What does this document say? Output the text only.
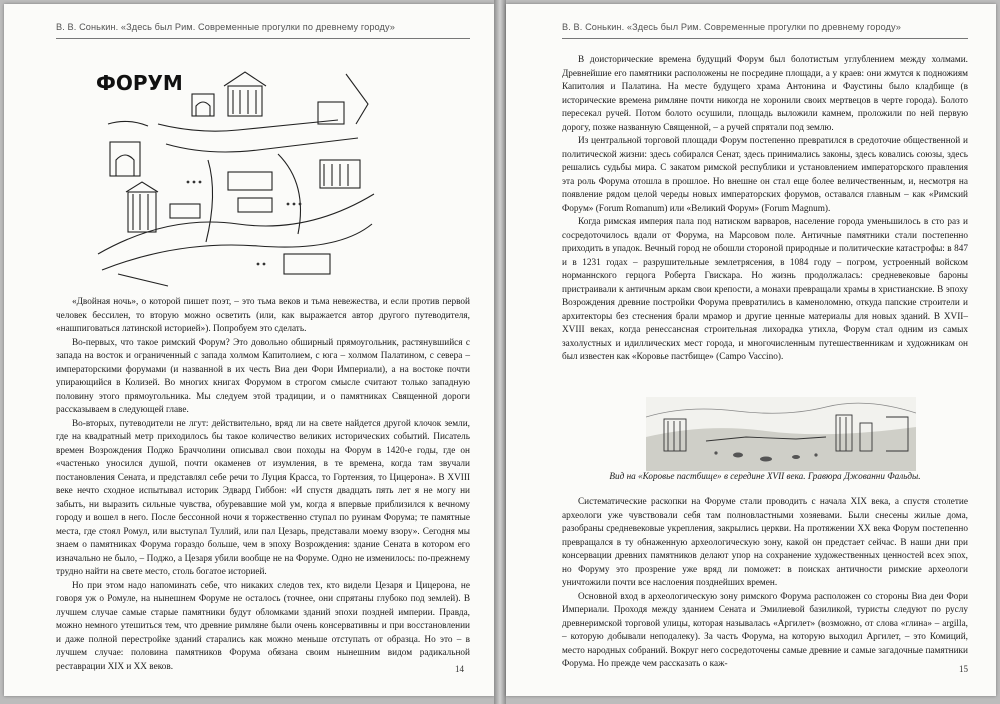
В. В. Сонькин. «Здесь был Рим. Современные прогулки по древнему городу»
ФОРУМ

«Двойная ночь», о которой пишет поэт, – это тьма веков и тьма невежества, и если против первой человек бессилен, то вторую можно осветить (или, как выражается автор другого путеводителя, «нашпиговаться латинской историей»). Попробуем это сделать.

Во-первых, что такое римский Форум? Это довольно обширный прямоугольник, растянувшийся с запада на восток и ограниченный с запада холмом Капитолием, с юга – холмом Палатином, с севера – императорскими форумами (и названной в их честь Виа деи Фори Империали), а на востоке почти упирающийся в Колизей. Во многих книгах Форумом в строгом смысле считают только западную половину этого прямоугольника. Мы следуем этой традиции, и о памятниках Священной дороги рассказываем в следующей главе.

Во-вторых, путеводители не лгут: действительно, вряд ли на свете найдется другой клочок земли, где на квадратный метр приходилось бы такое количество великих исторических событий. Писатель времен Возрождения Поджо Браччолини описывал свои походы на Форум в 1420-е годы, где он «частенько уносился душой, почти окаменев от изумления, в те времена, когда там звучали постановления Сената, и представлял себе речи то Луция Красса, то Гортензия, то Цицерона». В XVIII веке нечто сходное испытывал историк Эдвард Гиббон: «И спустя двадцать пять лет я не могу ни забыть, ни выразить сильные чувства, обуревавшие мой ум, когда я впервые приблизился к вечному городу и вошел в него. После бессонной ночи я торжественно ступал по руинам Форума; те памятные места, где стоял Ромул, или выступал Туллий, или пал Цезарь, представали моему взору». Сегодня мы знаем о памятниках Форума гораздо больше, чем в эпоху Возрождения: здание Сената в котором его изначально не было, – Поджо, а Цезаря убили вообще не на Форуме. Одно не изменилось: по-прежнему трудно найти на свете место, столь богатое историей.

Но при этом надо напоминать себе, что никаких следов тех, кто видели Цезаря и Цицерона, не говоря уж о Ромуле, на нынешнем Форуме не осталось (точнее, они спрятаны глубоко под землей). В лучшем случае самые старые памятники будут обломками зданий эпохи поздней империи. Правда, можно немного утешиться тем, что древние римляне были очень консервативны и при восстановлении и даже полной перестройке зданий старались как можно меньше отступать от образца. Но это – в лучшем случае: половина памятников Форума обязана своим нынешним видом радикальной реставрации XIX и XX веков.	14
В. В. Сонькин. «Здесь был Рим. Современные прогулки по древнему городу»

В доисторические времена будущий Форум был болотистым углублением между холмами. Древнейшие его памятники расположены не посредине площади, а у краев: они жмутся к подножиям Капитолия и Палатина. На месте будущего храма Антонина и Фаустины было кладбище (в исторические времена римляне почти никогда не хоронили своих мертвецов в черте города). Болото пересекал ручей. Потом болото осушили, площадь выложили камнем, проложили по ней первую дорогу, позже названную Священной, – а ручей спрятали под землю.

Из центральной торговой площади Форум постепенно превратился в средоточие общественной и политической жизни: здесь собирался Сенат, здесь принимались законы, здесь ковались союзы, здесь решались судьбы мира. С закатом римской республики и установлением императорского правления эта роль Форума отошла в прошлое. Но внешне он стал еще более величественным, и, несмотря на появление рядом целой череды новых императорских форумов, оставался главным – как «Римский Форум» (Forum Romanum) или «Великий Форум» (Forum Magnum).

Когда римская империя пала под натиском варваров, население города уменьшилось в сто раз и сосредоточилось вдали от Форума, на Марсовом поле. Античные памятники стали постепенно приходить в упадок. Вечный город не обошли стороной природные и политические катастрофы: в 847 и в 1231 годах – разрушительные землетрясения, в 1084 году – погром, устроенный войском норманнского герцога Роберта Гвискара. Но жизнь продолжалась: средневековые бароны пристраивали к античным аркам свои крепости, а монахи превращали храмы в христианские. В эпоху Возрождения древние постройки Форума превратились в каменоломню, откуда папские строители и архитекторы без стеснения брали мрамор и другие ценные материалы для новых зданий. В XVII–XVIII веках, когда ренессансная строительная лихорадка утихла, Форум стал одним из самых захолустных и идиллических мест города, и многочисленным путешественникам и художникам он был известен как «Коровье пастбище» (Campo Vaccino).

Вид на «Коровье пастбище» в середине XVII века. Гравюра Джованни Фальды.

Систематические раскопки на Форуме стали проводить с начала XIX века, а спустя столетие археологи уже чувствовали себя там полновластными хозяевами. Были снесены жилые дома, разобраны средневековые укрепления, закрылись церкви. На протяжении XX века Форум постепенно превращался в ту обнаженную археологическую зону, какой он предстает сейчас. В наши дни при консервации древних памятников делают упор на сохранение художественных ценностей всех эпох, но Форуму это прозрение уже вряд ли поможет: в поисках античности римские археологи уничтожили почти все наслоения позднейших времен.

Основной вход в археологическую зону римского Форума расположен со стороны Виа деи Фори Империали. Проходя между зданием Сената и Эмилиевой базиликой, туристы следуют по руслу древнеримской торговой улицы, которая называлась «Аргилет» (возможно, от слова «глина» – argilla, – которую добывали неподалеку). За часть Форума, на которую выходил Аргилет, – это Комиций, место народных собраний. Вокруг него сосредоточены самые древние и самые загадочные памятники Форума. Но прежде чем рассказать о каж-	15
